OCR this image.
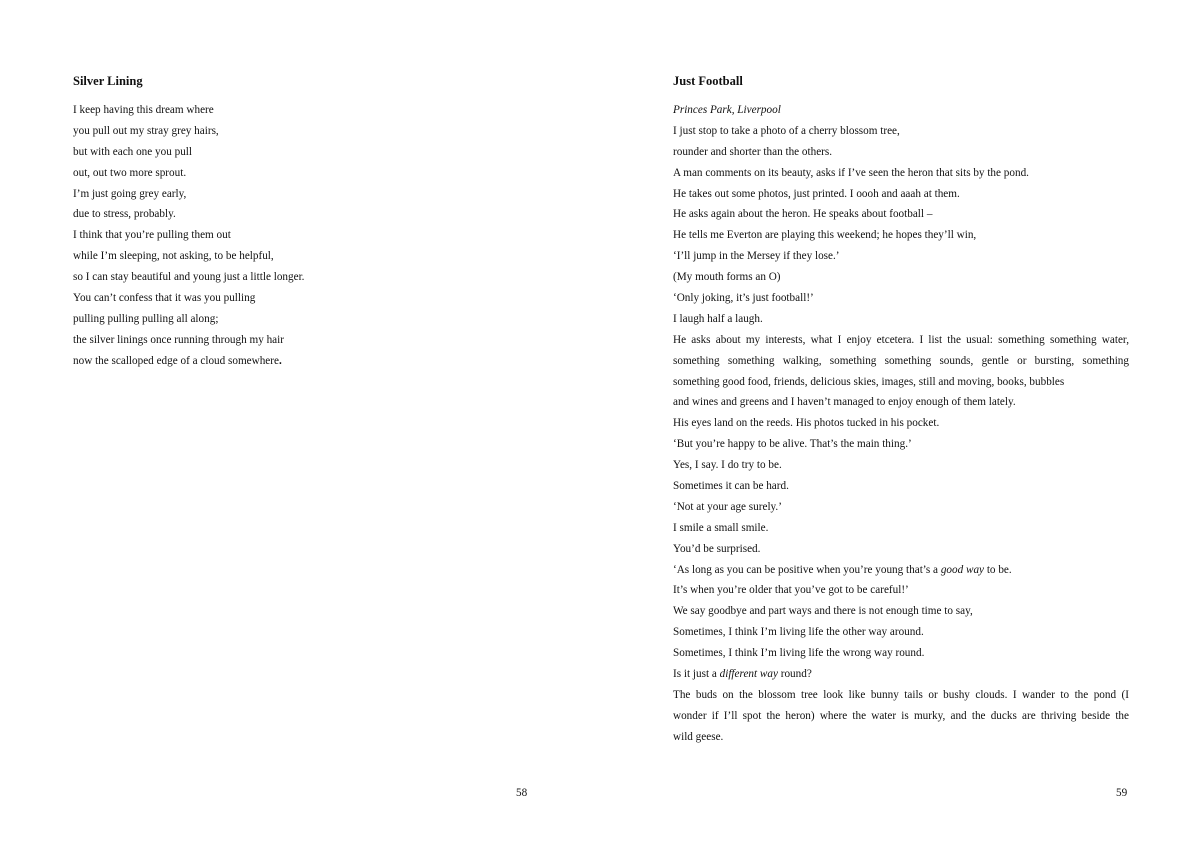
Silver Lining
I keep having this dream where
you pull out my stray grey hairs,
but with each one you pull
out, out two more sprout.
I’m just going grey early,
due to stress, probably.
I think that you’re pulling them out
while I’m sleeping, not asking, to be helpful,
so I can stay beautiful and young just a little longer.
You can’t confess that it was you pulling
pulling pulling pulling all along;
the silver linings once running through my hair
now the scalloped edge of a cloud somewhere.
58
Just Football
Princes Park, Liverpool
I just stop to take a photo of a cherry blossom tree,
rounder and shorter than the others.
A man comments on its beauty, asks if I’ve seen the heron that sits by the pond.
He takes out some photos, just printed. I oooh and aaah at them.
He asks again about the heron. He speaks about football –
He tells me Everton are playing this weekend; he hopes they’ll win,
‘I’ll jump in the Mersey if they lose.’
(My mouth forms an O)
‘Only joking, it’s just football!’
I laugh half a laugh.
He asks about my interests, what I enjoy etcetera. I list the usual: something something water,
something something walking, something something sounds, gentle or bursting, something
something good food, friends, delicious skies, images, still and moving, books, bubbles
and wines and greens and I haven’t managed to enjoy enough of them lately.
His eyes land on the reeds. His photos tucked in his pocket.
‘But you’re happy to be alive. That’s the main thing.’
Yes, I say. I do try to be.
Sometimes it can be hard.
‘Not at your age surely.’
I smile a small smile.
You’d be surprised.
‘As long as you can be positive when you’re young that’s a good way to be.
It’s when you’re older that you’ve got to be careful!’
We say goodbye and part ways and there is not enough time to say,
Sometimes, I think I’m living life the other way around.
Sometimes, I think I’m living life the wrong way round.
Is it just a different way round?
The buds on the blossom tree look like bunny tails or bushy clouds. I wander to the pond (I
wonder if I’ll spot the heron) where the water is murky, and the ducks are thriving beside the
wild geese.
59
